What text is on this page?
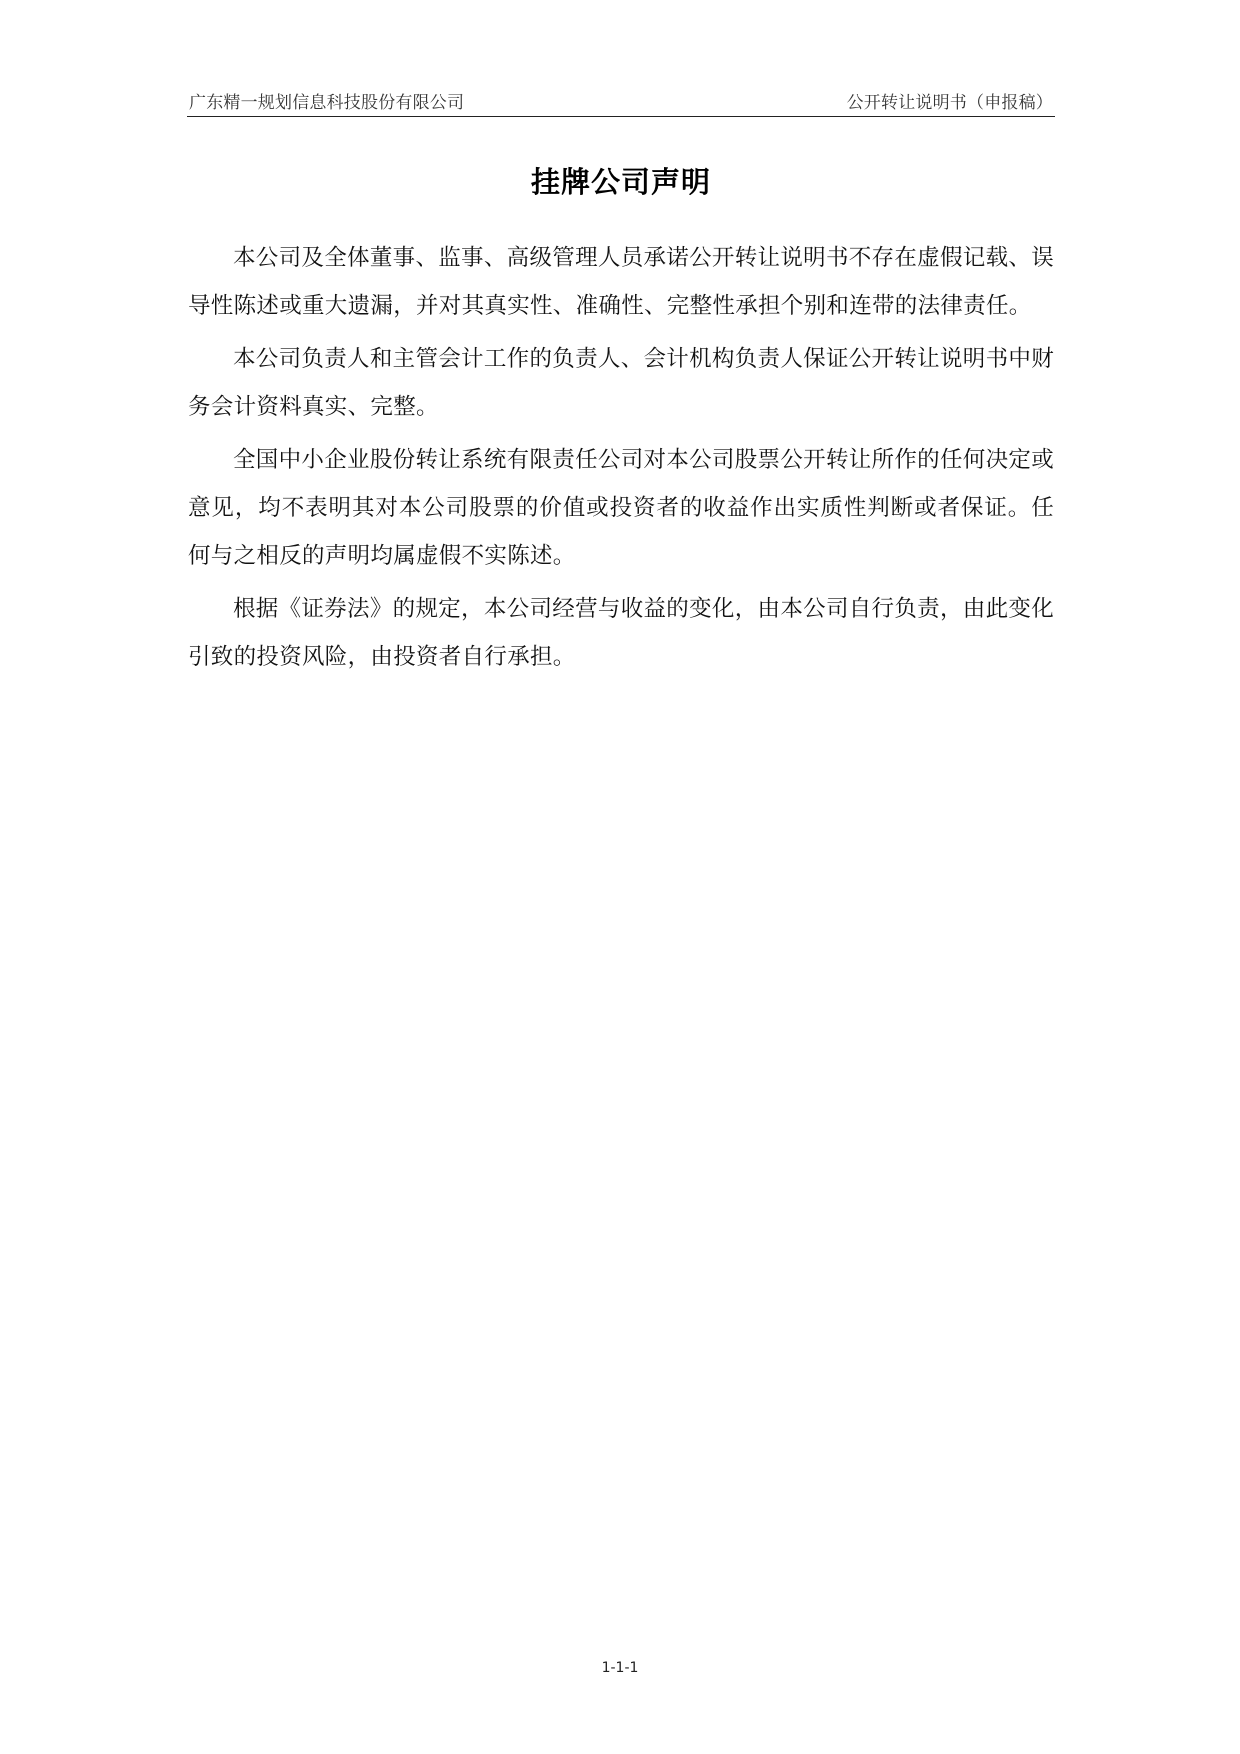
广东精一规划信息科技股份有限公司	公开转让说明书（申报稿）
挂牌公司声明

本公司及全体董事、监事、高级管理人员承诺公开转让说明书不存在虚假记载、误导性陈述或重大遗漏，并对其真实性、准确性、完整性承担个别和连带的法律责任。

本公司负责人和主管会计工作的负责人、会计机构负责人保证公开转让说明书中财务会计资料真实、完整。

全国中小企业股份转让系统有限责任公司对本公司股票公开转让所作的任何决定或意见，均不表明其对本公司股票的价值或投资者的收益作出实质性判断或者保证。任何与之相反的声明均属虚假不实陈述。

根据《证券法》的规定，本公司经营与收益的变化，由本公司自行负责，由此变化引致的投资风险，由投资者自行承担。

1-1-1
